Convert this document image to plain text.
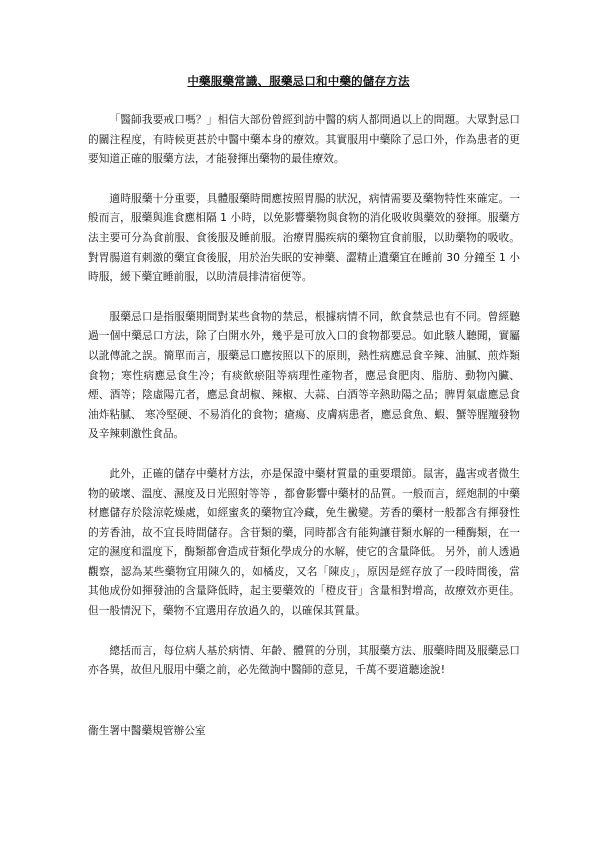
中藥服藥常識、服藥忌口和中藥的儲存方法

「醫師我要戒口嗎？」相信大部份曾經到訪中醫的病人都問過以上的問題。大眾對忌口的關注程度，有時候更甚於中醫中藥本身的療效。其實服用中藥除了忌口外，作為患者的更要知道正確的服藥方法，才能發揮出藥物的最佳療效。

適時服藥十分重要，具體服藥時間應按照胃腸的狀況，病情需要及藥物特性來確定。一般而言，服藥與進食應相隔 1 小時，以免影響藥物與食物的消化吸收與藥效的發揮。服藥方法主要可分為食前服、食後服及睡前服。治療胃腸疾病的藥物宜食前服，以助藥物的吸收。對胃腸道有刺激的藥宜食後服，用於治失眠的安神藥、澀精止遺藥宜在睡前 30 分鐘至 1 小時服，緩下藥宜睡前服，以助清晨排清宿便等。

服藥忌口是指服藥期間對某些食物的禁忌，根據病情不同，飲食禁忌也有不同。曾經聽過一個中藥忌口方法，除了白開水外，幾乎是可放入口的食物都要忌。如此駭人聽聞，實屬以訛傳訛之誤。簡單而言，服藥忌口應按照以下的原則，熱性病應忌食辛辣、油膩、煎炸類食物；寒性病應忌食生冷；有痰飲瘀阻等病理性產物者，應忌食肥肉、脂肪、動物內臟、煙、酒等；陰虛陽亢者，應忌食胡椒、辣椒、大蒜、白酒等辛熱助陽之品；脾胃氣虛應忌食油炸粘膩、 寒冷堅硬、不易消化的食物；瘡瘍、皮膚病患者，應忌食魚、蝦、蟹等腥羶發物及辛辣刺激性食品。

此外，正確的儲存中藥材方法，亦是保證中藥材質量的重要環節。鼠害，蟲害或者微生物的破壞、溫度、濕度及日光照射等等 ，都會影響中藥材的品質。一般而言，經炮制的中藥材應儲存於陰涼乾燥處，如經蜜炙的藥物宜冷藏，免生黴變。芳香的藥材一般都含有揮發性的芳香油，故不宜長時間儲存。含苷類的藥，同時都含有能夠讓苷類水解的一種酶類，在一定的濕度和溫度下，酶類都會造成苷類化學成分的水解，使它的含量降低。 另外，前人透過觀察，認為某些藥物宜用陳久的，如橘皮，又名「陳皮」，原因是經存放了一段時間後，當其他成份如揮發油的含量降低時，起主要藥效的「橙皮苷」含量相對增高，故療效亦更佳。但一般情況下，藥物不宜選用存放過久的，以確保其質量。

總括而言，每位病人基於病情、年齡、體質的分別，其服藥方法、服藥時間及服藥忌口亦各異，故但凡服用中藥之前，必先徵詢中醫師的意見，千萬不要道聽途說!

衞生署中醫藥規管辦公室
